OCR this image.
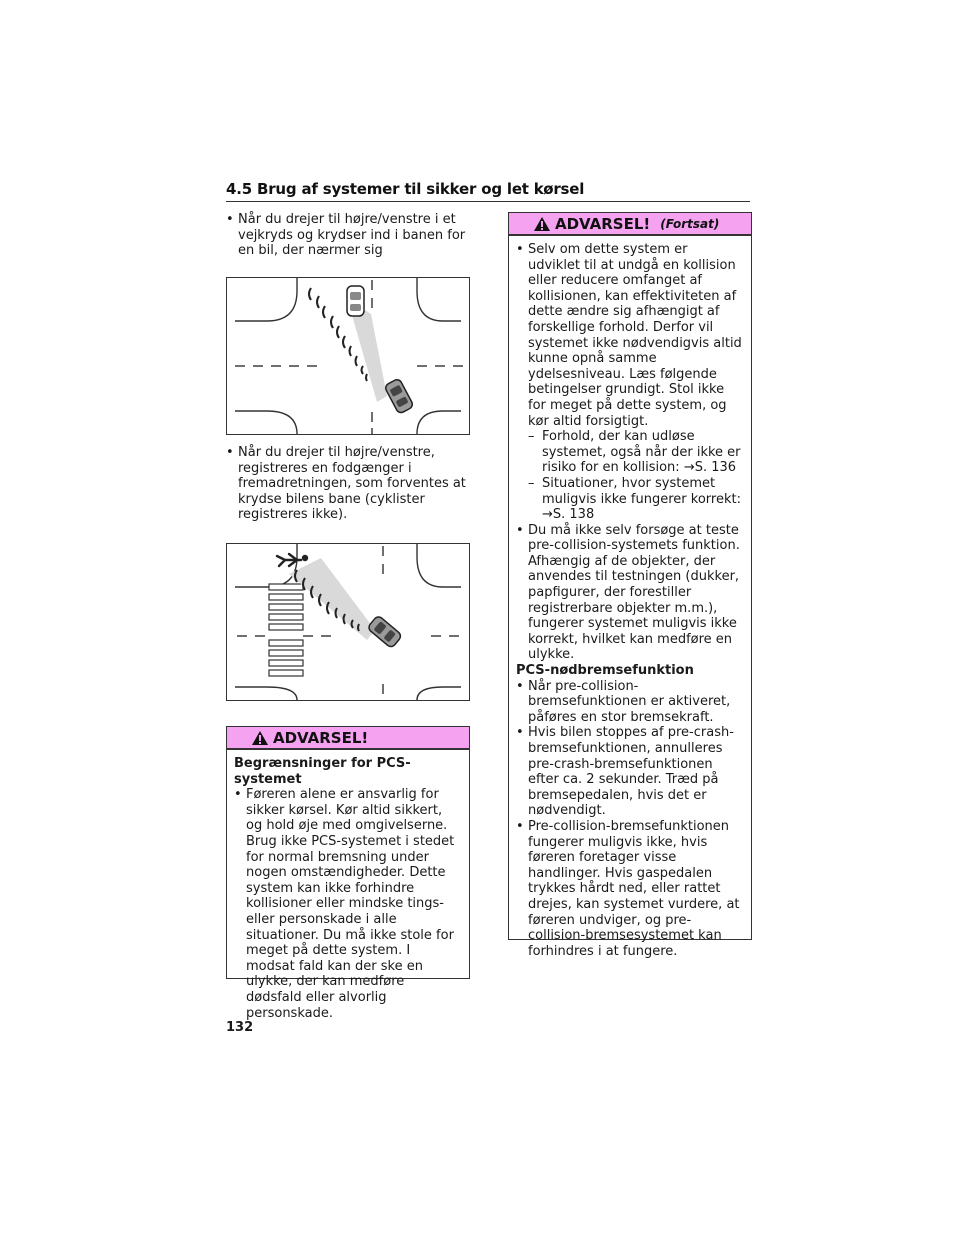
4.5 Brug af systemer til sikker og let kørsel
• Når du drejer til højre/venstre i et vejkryds og krydser ind i banen for en bil, der nærmer sig
• Når du drejer til højre/venstre, registreres en fodgænger i fremadretningen, som forventes at krydse bilens bane (cyklister registreres ikke).
ADVARSEL!
Begrænsninger for PCS-systemet
• Føreren alene er ansvarlig for sikker kørsel. Kør altid sikkert, og hold øje med omgivelserne. Brug ikke PCS-systemet i stedet for normal bremsning under nogen omstændigheder. Dette system kan ikke forhindre kollisioner eller mindske tings- eller personskade i alle situationer. Du må ikke stole for meget på dette system. I modsat fald kan der ske en ulykke, der kan medføre dødsfald eller alvorlig personskade.
ADVARSEL! (Fortsat)
• Selv om dette system er udviklet til at undgå en kollision eller reducere omfanget af kollisionen, kan effektiviteten af dette ændre sig afhængigt af forskellige forhold. Derfor vil systemet ikke nødvendigvis altid kunne opnå samme ydelsesniveau. Læs følgende betingelser grundigt. Stol ikke for meget på dette system, og kør altid forsigtigt.
– Forhold, der kan udløse systemet, også når der ikke er risiko for en kollision: →S. 136
– Situationer, hvor systemet muligvis ikke fungerer korrekt: →S. 138
• Du må ikke selv forsøge at teste pre-collision-systemets funktion. Afhængig af de objekter, der anvendes til testningen (dukker, papfigurer, der forestiller registrerbare objekter m.m.), fungerer systemet muligvis ikke korrekt, hvilket kan medføre en ulykke.
PCS-nødbremsefunktion
• Når pre-collision-bremsefunktionen er aktiveret, påføres en stor bremsekraft.
• Hvis bilen stoppes af pre-crash-bremsefunktionen, annulleres pre-crash-bremsefunktionen efter ca. 2 sekunder. Træd på bremsepedalen, hvis det er nødvendigt.
• Pre-collision-bremsefunktionen fungerer muligvis ikke, hvis føreren foretager visse handlinger. Hvis gaspedalen trykkes hårdt ned, eller rattet drejes, kan systemet vurdere, at føreren undviger, og pre-collision-bremsesystemet kan forhindres i at fungere.
132
